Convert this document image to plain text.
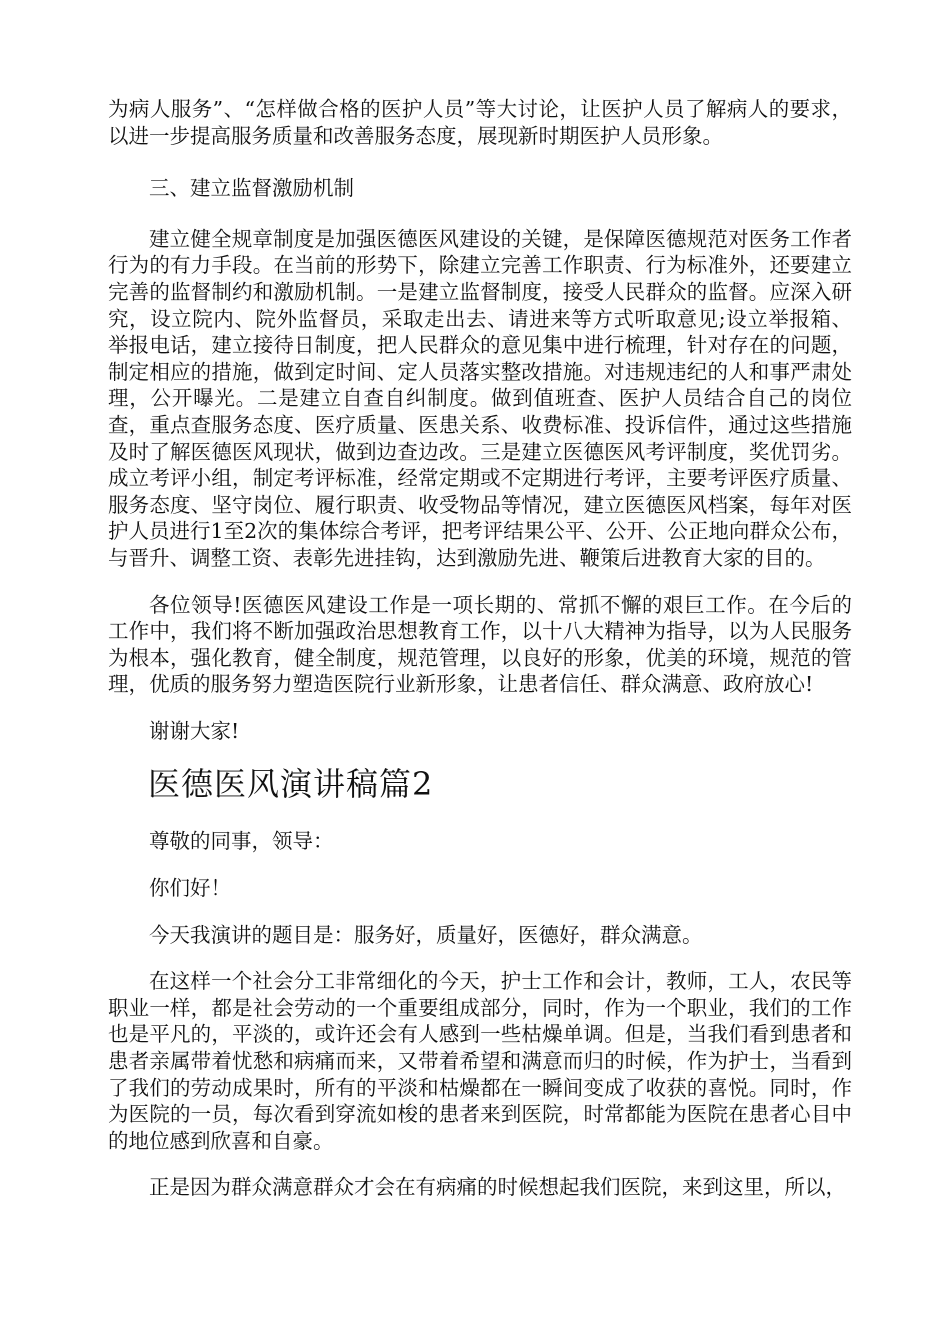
为病人服务”、“怎样做合格的医护人员”等大讨论，让医护人员了解病人的要求，以进一步提高服务质量和改善服务态度，展现新时期医护人员形象。

三、建立监督激励机制

建立健全规章制度是加强医德医风建设的关键，是保障医德规范对医务工作者行为的有力手段。在当前的形势下，除建立完善工作职责、行为标准外，还要建立完善的监督制约和激励机制。一是建立监督制度，接受人民群众的监督。应深入研究，设立院内、院外监督员，采取走出去、请进来等方式听取意见;设立举报箱、举报电话，建立接待日制度，把人民群众的意见集中进行梳理，针对存在的问题，制定相应的措施，做到定时间、定人员落实整改措施。对违规违纪的人和事严肃处理，公开曝光。二是建立自查自纠制度。做到值班查、医护人员结合自己的岗位查，重点查服务态度、医疗质量、医患关系、收费标准、投诉信件，通过这些措施及时了解医德医风现状，做到边查边改。三是建立医德医风考评制度，奖优罚劣。成立考评小组，制定考评标准，经常定期或不定期进行考评，主要考评医疗质量、服务态度、坚守岗位、履行职责、收受物品等情况，建立医德医风档案，每年对医护人员进行1至2次的集体综合考评，把考评结果公平、公开、公正地向群众公布，与晋升、调整工资、表彰先进挂钩，达到激励先进、鞭策后进教育大家的目的。

各位领导!医德医风建设工作是一项长期的、常抓不懈的艰巨工作。在今后的工作中，我们将不断加强政治思想教育工作，以十八大精神为指导，以为人民服务为根本，强化教育，健全制度，规范管理，以良好的形象，优美的环境，规范的管理，优质的服务努力塑造医院行业新形象，让患者信任、群众满意、政府放心!

谢谢大家!

医德医风演讲稿篇2

尊敬的同事，领导：

你们好！

今天我演讲的题目是：服务好，质量好，医德好，群众满意。

在这样一个社会分工非常细化的今天，护士工作和会计，教师，工人，农民等职业一样，都是社会劳动的一个重要组成部分，同时，作为一个职业，我们的工作也是平凡的，平淡的，或许还会有人感到一些枯燥单调。但是，当我们看到患者和患者亲属带着忧愁和病痛而来，又带着希望和满意而归的时候，作为护士，当看到了我们的劳动成果时，所有的平淡和枯燥都在一瞬间变成了收获的喜悦。同时，作为医院的一员，每次看到穿流如梭的患者来到医院，时常都能为医院在患者心目中的地位感到欣喜和自豪。

正是因为群众满意群众才会在有病痛的时候想起我们医院，来到这里，所以，
